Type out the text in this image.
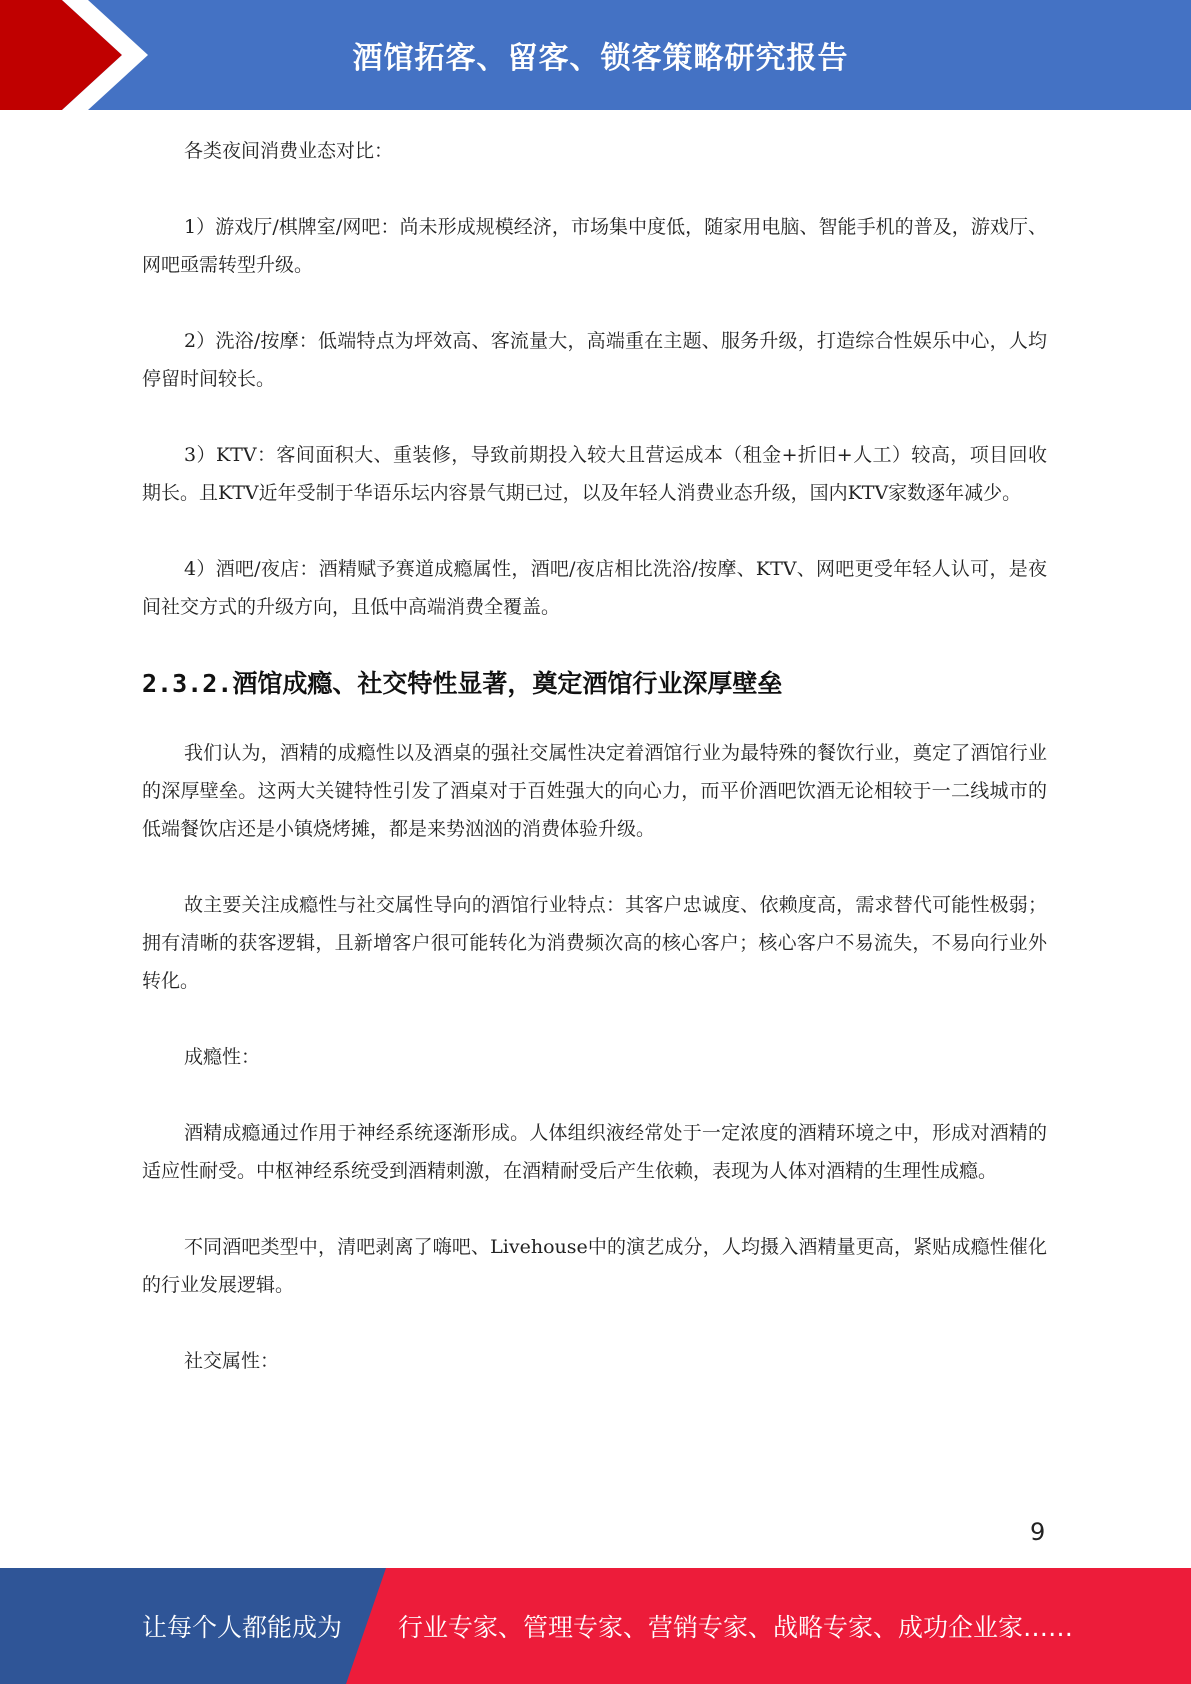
酒馆拓客、留客、锁客策略研究报告

各类夜间消费业态对比：

1）游戏厅/棋牌室/网吧：尚未形成规模经济，市场集中度低，随家用电脑、智能手机的普及，游戏厅、网吧亟需转型升级。

2）洗浴/按摩：低端特点为坪效高、客流量大，高端重在主题、服务升级，打造综合性娱乐中心，人均停留时间较长。

3）KTV：客间面积大、重装修，导致前期投入较大且营运成本（租金+折旧+人工）较高，项目回收期长。且KTV近年受制于华语乐坛内容景气期已过，以及年轻人消费业态升级，国内KTV家数逐年减少。

4）酒吧/夜店：酒精赋予赛道成瘾属性，酒吧/夜店相比洗浴/按摩、KTV、网吧更受年轻人认可，是夜间社交方式的升级方向，且低中高端消费全覆盖。

2.3.2.酒馆成瘾、社交特性显著，奠定酒馆行业深厚壁垒

我们认为，酒精的成瘾性以及酒桌的强社交属性决定着酒馆行业为最特殊的餐饮行业，奠定了酒馆行业的深厚壁垒。这两大关键特性引发了酒桌对于百姓强大的向心力，而平价酒吧饮酒无论相较于一二线城市的低端餐饮店还是小镇烧烤摊，都是来势汹汹的消费体验升级。

故主要关注成瘾性与社交属性导向的酒馆行业特点：其客户忠诚度、依赖度高，需求替代可能性极弱；拥有清晰的获客逻辑，且新增客户很可能转化为消费频次高的核心客户；核心客户不易流失，不易向行业外转化。

成瘾性：

酒精成瘾通过作用于神经系统逐渐形成。人体组织液经常处于一定浓度的酒精环境之中，形成对酒精的适应性耐受。中枢神经系统受到酒精刺激，在酒精耐受后产生依赖，表现为人体对酒精的生理性成瘾。

不同酒吧类型中，清吧剥离了嗨吧、Livehouse中的演艺成分，人均摄入酒精量更高，紧贴成瘾性催化的行业发展逻辑。

社交属性：

9
让每个人都能成为 行业专家、管理专家、营销专家、战略专家、成功企业家……
